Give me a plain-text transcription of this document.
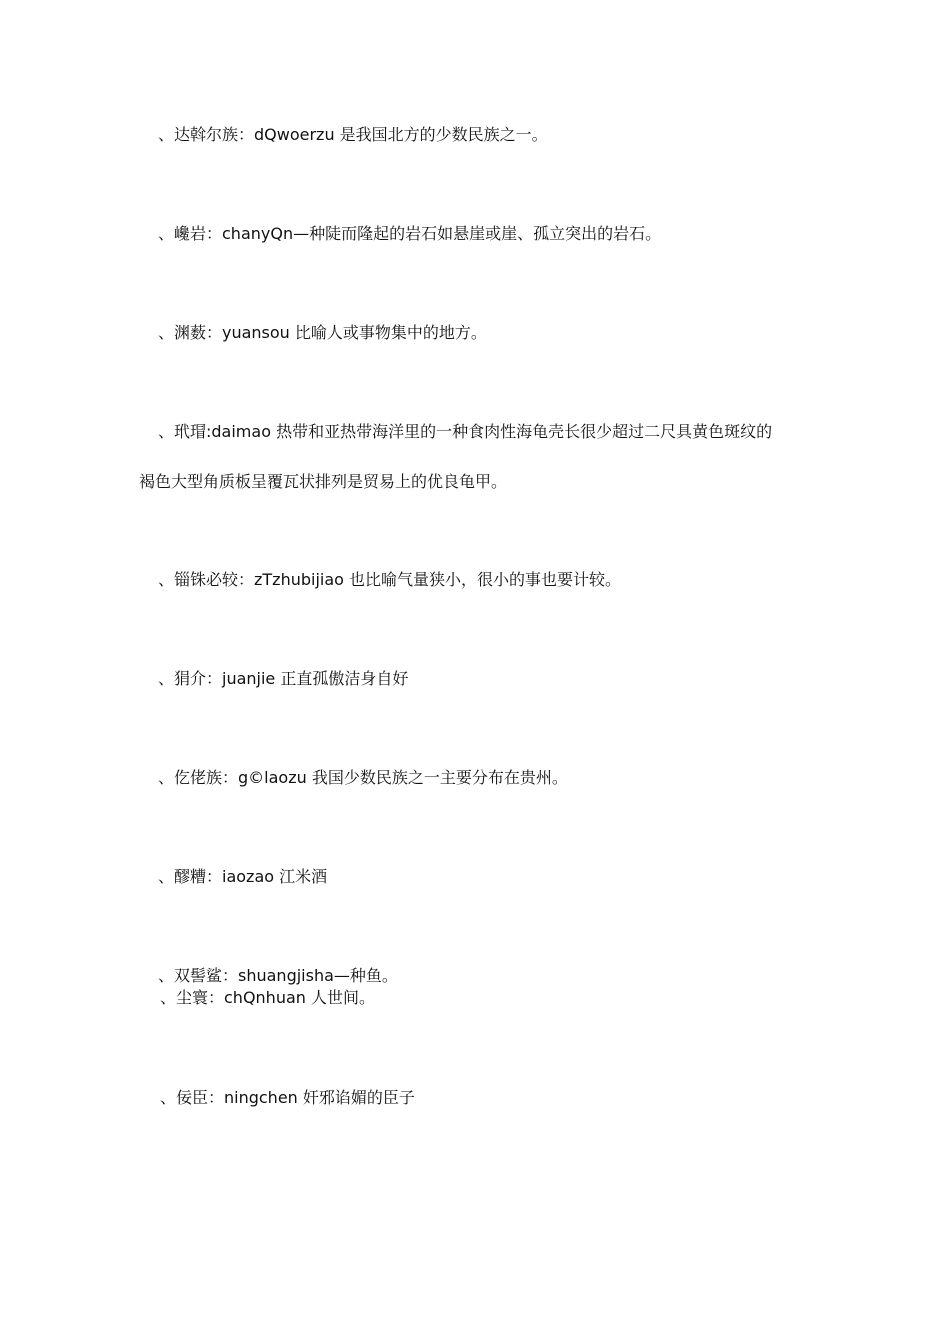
、达斡尔族：dQwoerzu 是我国北方的少数民族之一。
、巉岩：chanyQn—种陡而隆起的岩石如悬崖或崖、孤立突出的岩石。
、渊薮：yuansou 比喻人或事物集中的地方。
、玳瑁:daimao 热带和亚热带海洋里的一种食肉性海龟壳长很少超过二尺具黄色斑纹的
褐色大型角质板呈覆瓦状排列是贸易上的优良龟甲。
、锱铢必较：zTzhubijiao 也比喻气量狭小，很小的事也要计较。
、狷介：juanjie 正直孤傲洁身自好
、仡佬族：g©laozu 我国少数民族之一主要分布在贵州。
、醪糟：iaozao 江米酒
、双髻鲨：shuangjisha—种鱼。
、尘寰：chQnhuan 人世间。
、佞臣：ningchen 奸邪谄媚的臣子
